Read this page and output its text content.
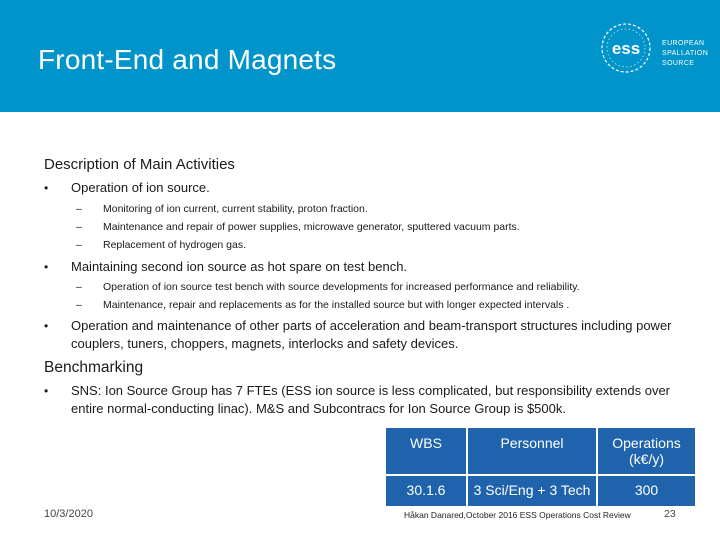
Front-End and Magnets	ess	EUROPEAN
SPALLATION
SOURCE
Description of Main Activities
• Operation of ion source.
– Monitoring of ion current, current stability, proton fraction.
– Maintenance and repair of power supplies, microwave generator, sputtered vacuum parts.
– Replacement of hydrogen gas.
• Maintaining second ion source as hot spare on test bench.
– Operation of ion source test bench with source developments for increased performance and reliability.
– Maintenance, repair and replacements as for the installed source but with longer expected intervals .
• Operation and maintenance of other parts of acceleration and beam-transport structures including power couplers, tuners, choppers, magnets, interlocks and safety devices.
Benchmarking
• SNS: Ion Source Group has 7 FTEs (ESS ion source is less complicated, but responsibility extends over entire normal-conducting linac). M&S and Subcontracs for Ion Source Group is $500k.
WBS	Personnel	Operations (k€/y)
30.1.6	3 Sci/Eng + 3 Tech	300
10/3/2020	Håkan Danared,October 2016 ESS Operations Cost Review	23
